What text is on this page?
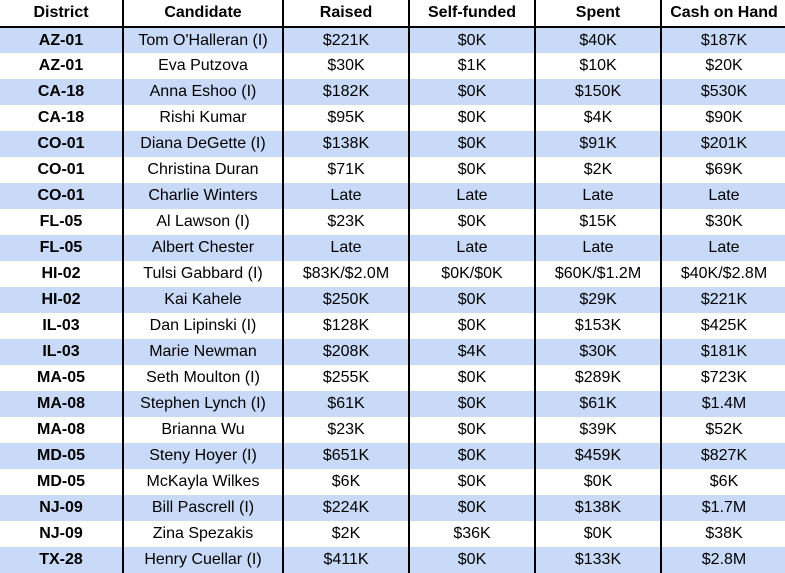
District	Candidate	Raised	Self-funded	Spent	Cash on Hand
AZ-01	Tom O'Halleran (I)	$221K	$0K	$40K	$187K
AZ-01	Eva Putzova	$30K	$1K	$10K	$20K
CA-18	Anna Eshoo (I)	$182K	$0K	$150K	$530K
CA-18	Rishi Kumar	$95K	$0K	$4K	$90K
CO-01	Diana DeGette (I)	$138K	$0K	$91K	$201K
CO-01	Christina Duran	$71K	$0K	$2K	$69K
CO-01	Charlie Winters	Late	Late	Late	Late
FL-05	Al Lawson (I)	$23K	$0K	$15K	$30K
FL-05	Albert Chester	Late	Late	Late	Late
HI-02	Tulsi Gabbard (I)	$83K/$2.0M	$0K/$0K	$60K/$1.2M	$40K/$2.8M
HI-02	Kai Kahele	$250K	$0K	$29K	$221K
IL-03	Dan Lipinski (I)	$128K	$0K	$153K	$425K
IL-03	Marie Newman	$208K	$4K	$30K	$181K
MA-05	Seth Moulton (I)	$255K	$0K	$289K	$723K
MA-08	Stephen Lynch (I)	$61K	$0K	$61K	$1.4M
MA-08	Brianna Wu	$23K	$0K	$39K	$52K
MD-05	Steny Hoyer (I)	$651K	$0K	$459K	$827K
MD-05	McKayla Wilkes	$6K	$0K	$0K	$6K
NJ-09	Bill Pascrell (I)	$224K	$0K	$138K	$1.7M
NJ-09	Zina Spezakis	$2K	$36K	$0K	$38K
TX-28	Henry Cuellar (I)	$411K	$0K	$133K	$2.8M
